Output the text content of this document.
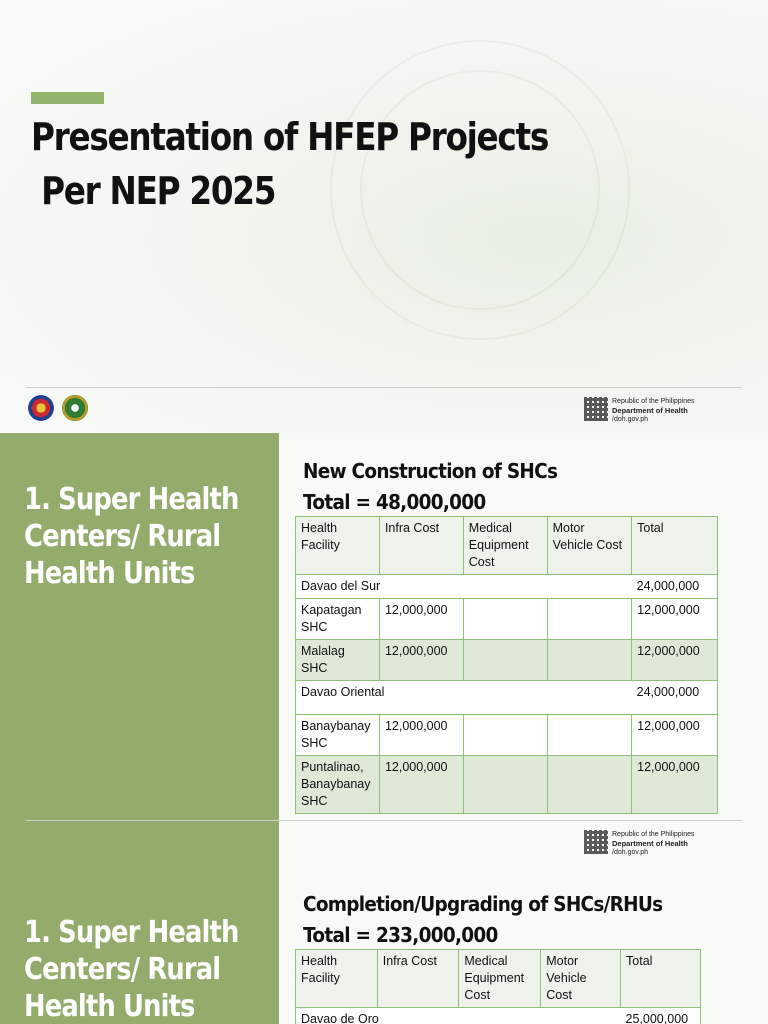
Presentation of HFEP Projects
Per NEP 2025
Republic of the Philippines
Department of Health
/doh.gov.ph
1. Super Health
Centers/ Rural
Health Units
New Construction of SHCs
Total = 48,000,000
Health Facility	Infra Cost	Medical Equipment Cost	Motor Vehicle Cost	Total
Davao del Sur				24,000,000
Kapatagan SHC	12,000,000			12,000,000
Malalag SHC	12,000,000			12,000,000
Davao Oriental				24,000,000
Banaybanay SHC	12,000,000			12,000,000
Puntalinao, Banaybanay SHC	12,000,000			12,000,000
Republic of the Philippines
Department of Health
/doh.gov.ph
1. Super Health
Centers/ Rural
Health Units
Completion/Upgrading of SHCs/RHUs
Total = 233,000,000
Health Facility	Infra Cost	Medical Equipment Cost	Motor Vehicle Cost	Total
Davao de Oro				25,000,000
